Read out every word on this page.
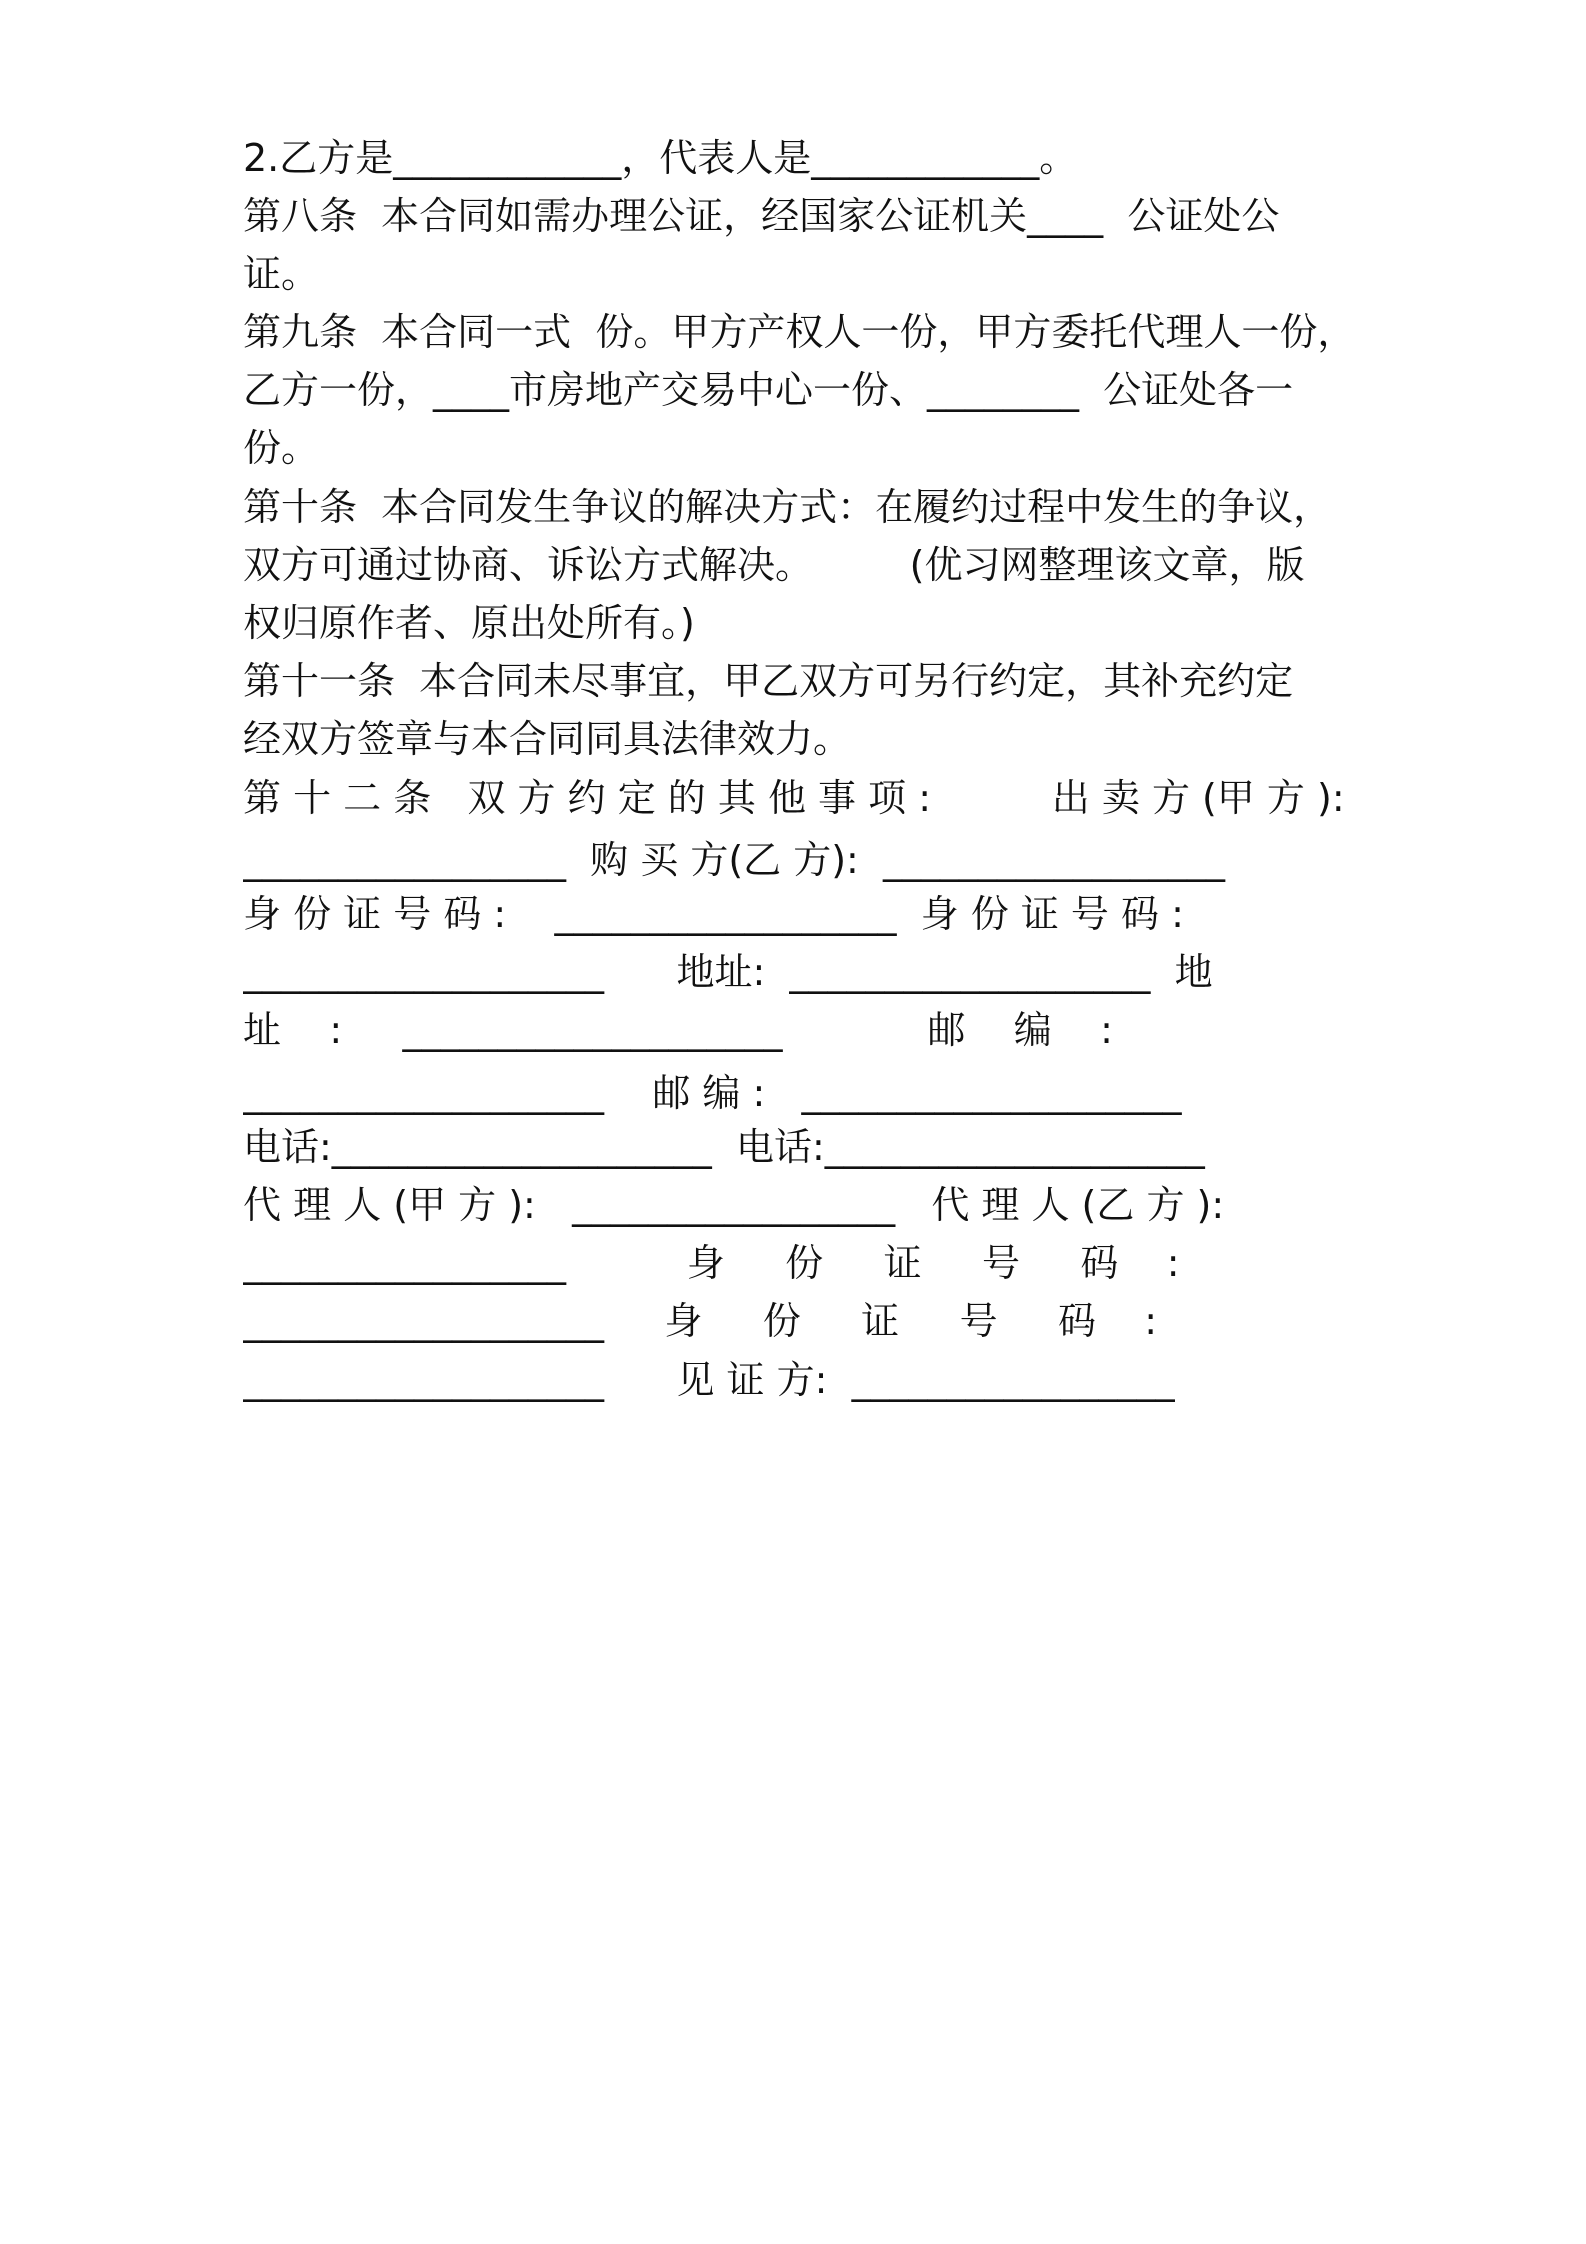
2.乙方是____________，代表人是____________。
第八条  本合同如需办理公证，经国家公证机关____  公证处公
证。
第九条  本合同一式  份。甲方产权人一份，甲方委托代理人一份，
乙方一份，____市房地产交易中心一份、________  公证处各一
份。
第十条  本合同发生争议的解决方式：在履约过程中发生的争议，
双方可通过协商、诉讼方式解决。        (优习网整理该文章，版
权归原作者、原出处所有。)
第十一条  本合同未尽事宜，甲乙双方可另行约定，其补充约定
经双方签章与本合同同具法律效力。
第 十 二 条   双 方 约 定 的 其 他 事 项 :          出 卖 方 (甲 方 ):
_________________  购 买 方(乙 方):  __________________
身 份 证 号 码 :    __________________  身 份 证 号 码 :
___________________      地址:  ___________________  地
址    :     ____________________            邮    编    :
___________________    邮 编 :   ____________________
电话:____________________  电话:____________________
代 理 人 (甲 方 ):   _________________   代 理 人 (乙 方 ):
_________________          身     份     证     号     码    :
___________________     身     份     证     号     码    :
___________________      见 证 方:  _________________
